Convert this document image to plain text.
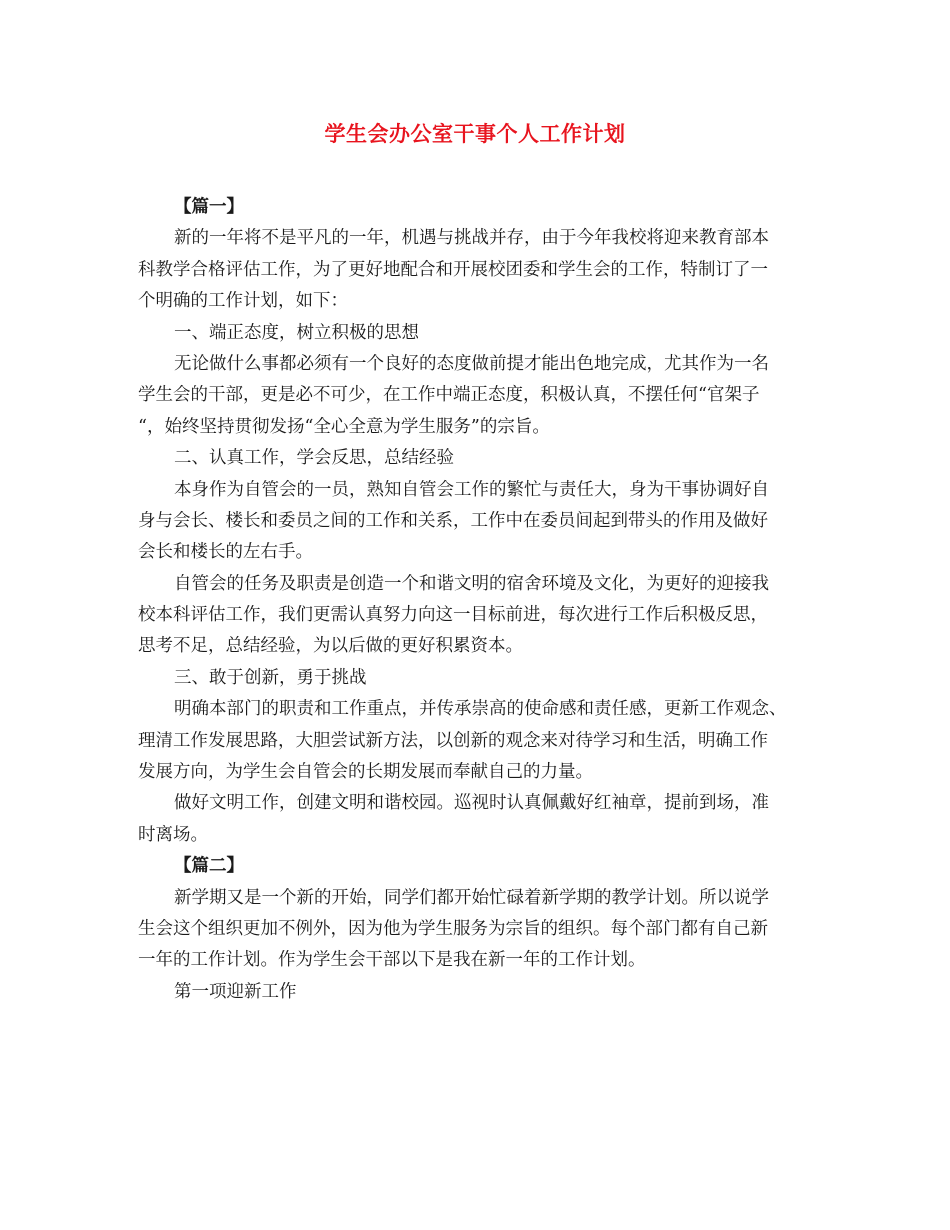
学生会办公室干事个人工作计划
【篇一】
新的一年将不是平凡的一年，机遇与挑战并存，由于今年我校将迎来教育部本
科教学合格评估工作，为了更好地配合和开展校团委和学生会的工作，特制订了一
个明确的工作计划，如下：
一、端正态度，树立积极的思想
无论做什么事都必须有一个良好的态度做前提才能出色地完成，尤其作为一名
学生会的干部，更是必不可少，在工作中端正态度，积极认真，不摆任何“官架子
“，始终坚持贯彻发扬“全心全意为学生服务”的宗旨。
二、认真工作，学会反思，总结经验
本身作为自管会的一员，熟知自管会工作的繁忙与责任大，身为干事协调好自
身与会长、楼长和委员之间的工作和关系，工作中在委员间起到带头的作用及做好
会长和楼长的左右手。
自管会的任务及职责是创造一个和谐文明的宿舍环境及文化，为更好的迎接我
校本科评估工作，我们更需认真努力向这一目标前进，每次进行工作后积极反思，
思考不足，总结经验，为以后做的更好积累资本。
三、敢于创新，勇于挑战
明确本部门的职责和工作重点，并传承崇高的使命感和责任感，更新工作观念、
理清工作发展思路，大胆尝试新方法，以创新的观念来对待学习和生活，明确工作
发展方向，为学生会自管会的长期发展而奉献自己的力量。
做好文明工作，创建文明和谐校园。巡视时认真佩戴好红袖章，提前到场，准
时离场。
【篇二】
新学期又是一个新的开始，同学们都开始忙碌着新学期的教学计划。所以说学
生会这个组织更加不例外，因为他为学生服务为宗旨的组织。每个部门都有自己新
一年的工作计划。作为学生会干部以下是我在新一年的工作计划。
第一项迎新工作
